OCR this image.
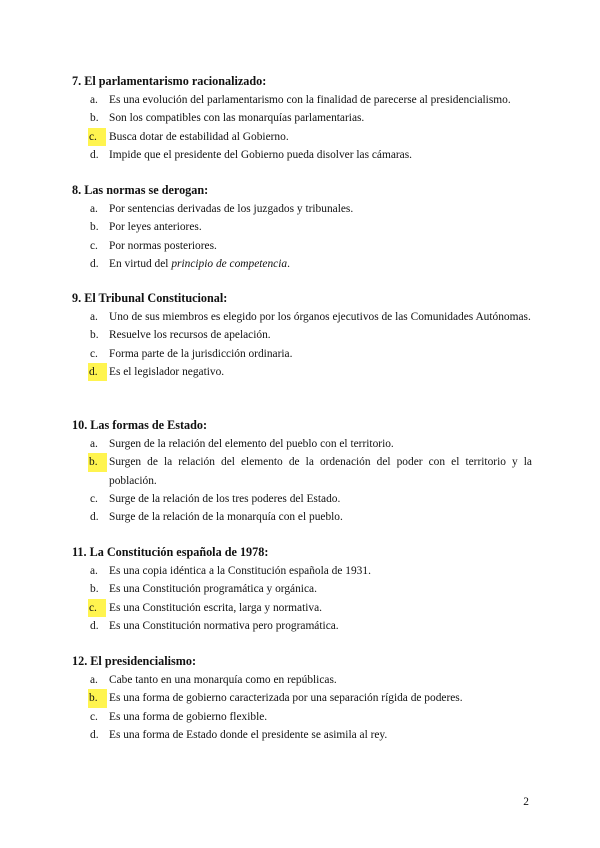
7. El parlamentarismo racionalizado:
a. Es una evolución del parlamentarismo con la finalidad de parecerse al presidencialismo.
b. Son los compatibles con las monarquías parlamentarias.
c.	Busca dotar de estabilidad al Gobierno.
d. Impide que el presidente del Gobierno pueda disolver las cámaras.
8. Las normas se derogan:
a. Por sentencias derivadas de los juzgados y tribunales.
b. Por leyes anteriores.
c. Por normas posteriores.
d. En virtud del principio de competencia.
9. El Tribunal Constitucional:
a. Uno de sus miembros es elegido por los órganos ejecutivos de las Comunidades Autónomas.
b. Resuelve los recursos de apelación.
c. Forma parte de la jurisdicción ordinaria.
d.	Es el legislador negativo.
10. Las formas de Estado:
a. Surgen de la relación del elemento del pueblo con el territorio.
b.	Surgen de la relación del elemento de la ordenación del poder con el territorio y la población.
c. Surge de la relación de los tres poderes del Estado.
d. Surge de la relación de la monarquía con el pueblo.
11. La Constitución española de 1978:
a. Es una copia idéntica a la Constitución española de 1931.
b. Es una Constitución programática y orgánica.
c.	Es una Constitución escrita, larga y normativa.
d. Es una Constitución normativa pero programática.
12. El presidencialismo:
a. Cabe tanto en una monarquía como en repúblicas.
b.	Es una forma de gobierno caracterizada por una separación rígida de poderes.
c. Es una forma de gobierno flexible.
d. Es una forma de Estado donde el presidente se asimila al rey.
2
